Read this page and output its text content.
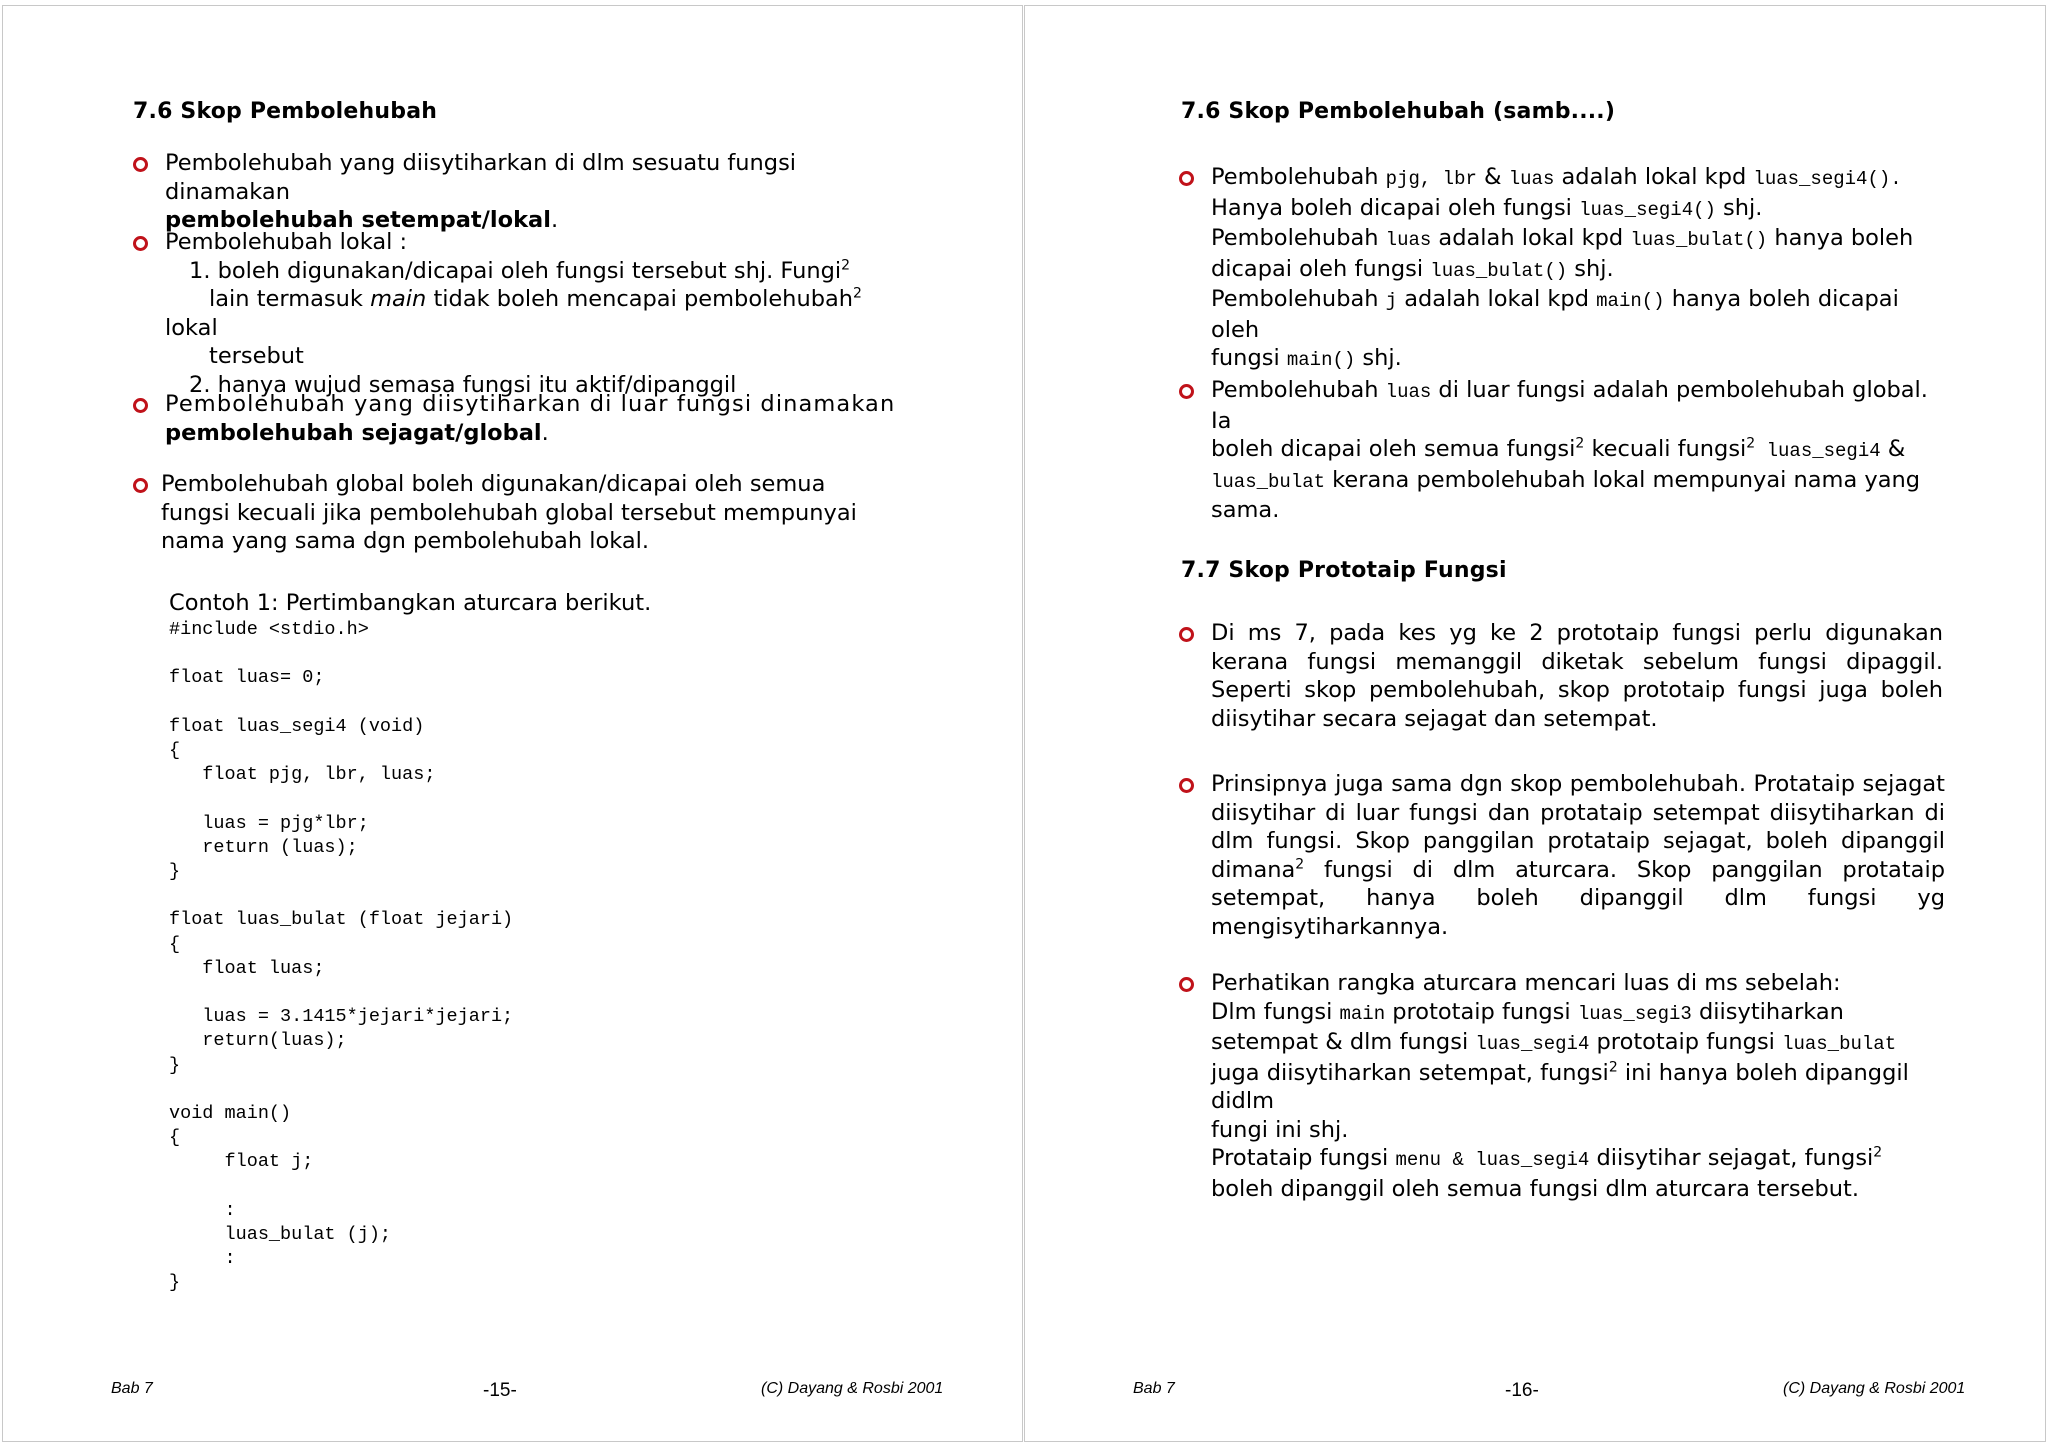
7.6 Skop Pembolehubah
Pembolehubah yang diisytiharkan di dlm sesuatu fungsi dinamakan
pembolehubah setempat/lokal.
Pembolehubah lokal :
1. boleh digunakan/dicapai oleh fungsi tersebut shj. Fungi$^2$
lain termasuk main tidak boleh mencapai pembolehubah$^2$ lokal
tersebut
2. hanya wujud semasa fungsi itu aktif/dipanggil
Pembolehubah yang diisytiharkan di luar fungsi dinamakan
pembolehubah sejagat/global.
Pembolehubah global boleh digunakan/dicapai oleh semua fungsi kecuali jika pembolehubah global tersebut mempunyai nama yang sama dgn pembolehubah lokal.
Contoh 1: Pertimbangkan aturcara berikut.
#include <stdio.h>

float luas= 0;

float luas_segi4 (void)
{
float pjg, lbr, luas;

luas = pjg*lbr;
return (luas);
}

float luas_bulat (float jejari)
{
float luas;

luas = 3.1415*jejari*jejari;
return(luas);
}

void main()
{
float j;

:
luas_bulat (j);
:
}
Bab 7	-15-	(C) Dayang & Rosbi 2001
7.6 Skop Pembolehubah (samb....)
Pembolehubah pjg, lbr & luas adalah lokal kpd luas_segi4().
Hanya boleh dicapai oleh fungsi luas_segi4() shj.
Pembolehubah luas adalah lokal kpd luas_bulat() hanya boleh
dicapai oleh fungsi luas_bulat() shj.
Pembolehubah j adalah lokal kpd main() hanya boleh dicapai oleh
fungsi main() shj.
Pembolehubah luas di luar fungsi adalah pembolehubah global. Ia
boleh dicapai oleh semua fungsi$^2$ kecuali fungsi$^2$ luas_segi4 &
luas_bulat kerana pembolehubah lokal mempunyai nama yang sama.
7.7 Skop Prototaip Fungsi
Di ms 7, pada kes yg ke 2 prototaip fungsi perlu digunakan kerana fungsi memanggil diketak sebelum fungsi dipaggil. Seperti skop pembolehubah, skop prototaip fungsi juga boleh diisytihar secara sejagat dan setempat.
Prinsipnya juga sama dgn skop pembolehubah. Protataip sejagat diisytihar di luar fungsi dan protataip setempat diisytiharkan di dlm fungsi. Skop panggilan protataip sejagat, boleh dipanggil dimana$^2$ fungsi di dlm aturcara. Skop panggilan protataip setempat, hanya boleh dipanggil dlm fungsi yg mengisytiharkannya.
Perhatikan rangka aturcara mencari luas di ms sebelah:
Dlm fungsi main prototaip fungsi luas_segi3 diisytiharkan
setempat & dlm fungsi luas_segi4 prototaip fungsi luas_bulat
juga diisytiharkan setempat, fungsi$^2$ ini hanya boleh dipanggil didlm
fungi ini shj.
Protataip fungsi menu & luas_segi4 diisytihar sejagat, fungsi$^2$
boleh dipanggil oleh semua fungsi dlm aturcara tersebut.
Bab 7	-16-	(C) Dayang & Rosbi 2001
